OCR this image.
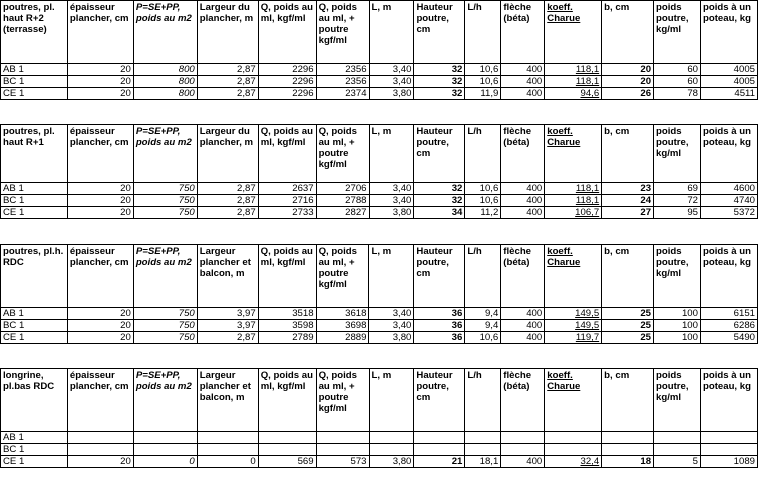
poutres, pl. haut R+2 (terrasse)	épaisseur plancher, cm	P=SE+PP, poids au m2	Largeur du plancher, m	Q, poids au ml, kgf/ml	Q, poids au ml, + poutre kgf/ml	L, m	Hauteur poutre, cm	L/h	flèche (béta)	koeff. Charue	b, cm	poids poutre, kg/ml	poids à un poteau, kg
AB 1	20	800	2,87	2296	2356	3,40	32	10,6	400	118,1	20	60	4005
BC 1	20	800	2,87	2296	2356	3,40	32	10,6	400	118,1	20	60	4005
CE 1	20	800	2,87	2296	2374	3,80	32	11,9	400	94,6	26	78	4511
poutres, pl. haut R+1	épaisseur plancher, cm	P=SE+PP, poids au m2	Largeur du plancher, m	Q, poids au ml, kgf/ml	Q, poids au ml, + poutre kgf/ml	L, m	Hauteur poutre, cm	L/h	flèche (béta)	koeff. Charue	b, cm	poids poutre, kg/ml	poids à un poteau, kg
AB 1	20	750	2,87	2637	2706	3,40	32	10,6	400	118,1	23	69	4600
BC 1	20	750	2,87	2716	2788	3,40	32	10,6	400	118,1	24	72	4740
CE 1	20	750	2,87	2733	2827	3,80	34	11,2	400	106,7	27	95	5372
poutres, pl.h. RDC	épaisseur plancher, cm	P=SE+PP, poids au m2	Largeur plancher et balcon, m	Q, poids au ml, kgf/ml	Q, poids au ml, + poutre kgf/ml	L, m	Hauteur poutre, cm	L/h	flèche (béta)	koeff. Charue	b, cm	poids poutre, kg/ml	poids à un poteau, kg
AB 1	20	750	3,97	3518	3618	3,40	36	9,4	400	149,5	25	100	6151
BC 1	20	750	3,97	3598	3698	3,40	36	9,4	400	149,5	25	100	6286
CE 1	20	750	2,87	2789	2889	3,80	36	10,6	400	119,7	25	100	5490
longrine, pl.bas RDC	épaisseur plancher, cm	P=SE+PP, poids au m2	Largeur plancher et balcon, m	Q, poids au ml, kgf/ml	Q, poids au ml, + poutre kgf/ml	L, m	Hauteur poutre, cm	L/h	flèche (béta)	koeff. Charue	b, cm	poids poutre, kg/ml	poids à un poteau, kg
AB 1													
BC 1													
CE 1	20	0	0	569	573	3,80	21	18,1	400	32,4	18	5	1089
